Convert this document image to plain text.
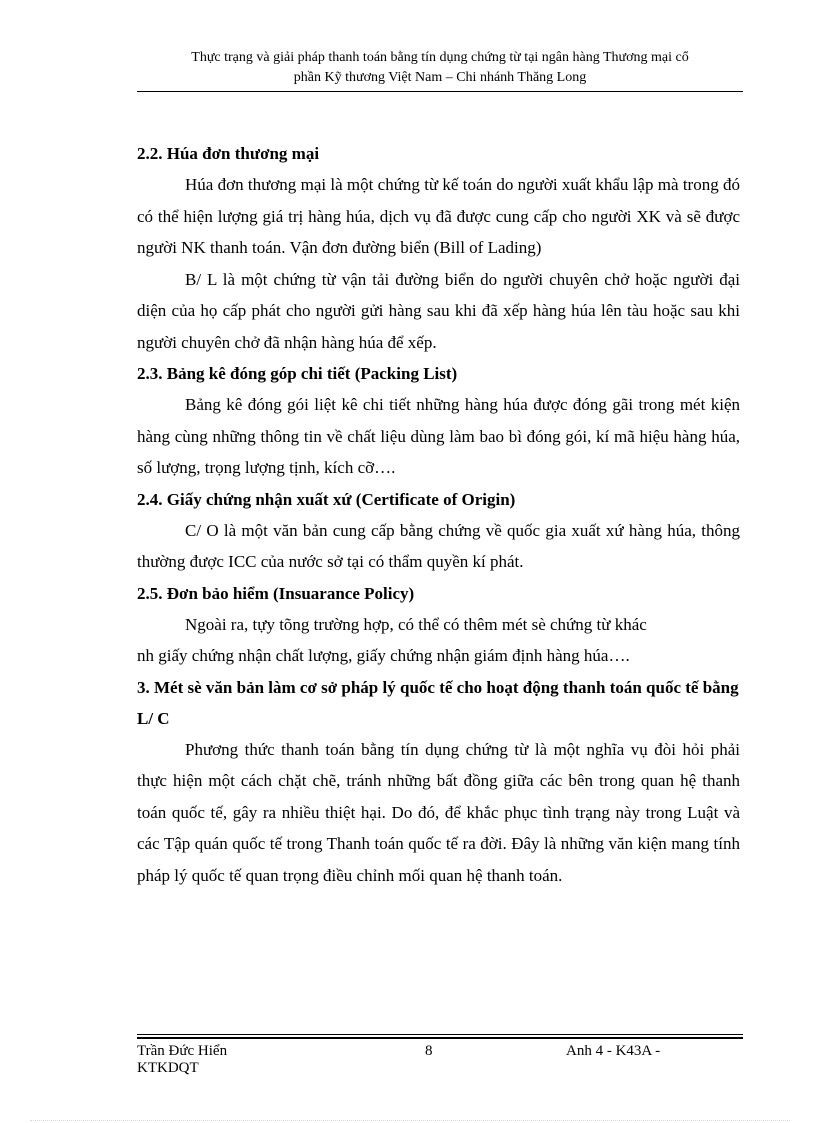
Thực trạng và giải pháp thanh toán bằng tín dụng chứng từ tại ngân hàng Thương mại cổ
phần Kỹ thương Việt Nam – Chi nhánh Thăng Long

2.2. Húa đơn thương mại

Húa đơn thương mại là một chứng từ kế toán do người xuất khẩu lập mà trong đó có thể hiện lượng giá trị hàng húa, dịch vụ đã được cung cấp cho người XK và sẽ được người NK thanh toán. Vận đơn đường biển (Bill of Lading)

B/ L là một chứng từ vận tải đường biển do người chuyên chở hoặc người đại diện của họ cấp phát cho người gửi hàng sau khi đã xếp hàng húa lên tàu hoặc sau khi người chuyên chở đã nhận hàng húa để xếp.

2.3. Bảng kê đóng góp chi tiết (Packing List)

Bảng kê đóng gói liệt kê chi tiết những hàng húa được đóng gãi trong mét kiện hàng cùng những thông tin về chất liệu dùng làm bao bì đóng gói, kí mã hiệu hàng húa, số lượng, trọng lượng tịnh, kích cỡ….

2.4. Giấy chứng nhận xuất xứ (Certificate of Origin)

C/ O là một văn bản cung cấp bằng chứng về quốc gia xuất xứ hàng húa, thông thường được ICC của nước sở tại có thẩm quyền kí phát.

2.5. Đơn bảo hiểm (Insuarance Policy)

Ngoài ra, tựy tõng trường hợp, có thể có thêm mét sè chứng từ khác

nh giấy chứng nhận chất lượng, giấy chứng nhận giám định hàng húa….

3. Mét sè văn bản làm cơ sở pháp lý quốc tế cho hoạt động thanh toán quốc tế bằng L/ C

Phương thức thanh toán bằng tín dụng chứng từ là một nghĩa vụ đòi hỏi phải thực hiện một cách chặt chẽ, tránh những bất đồng giữa các bên trong quan hệ thanh toán quốc tế, gây ra nhiều thiệt hại. Do đó, để khắc phục tình trạng này trong Luật và các Tập quán quốc tế trong Thanh toán quốc tế ra đời. Đây là những văn kiện mang tính pháp lý quốc tế quan trọng điều chỉnh mối quan hệ thanh toán.

Trần Đức Hiển	8	Anh 4 - K43A -
KTKDQT
